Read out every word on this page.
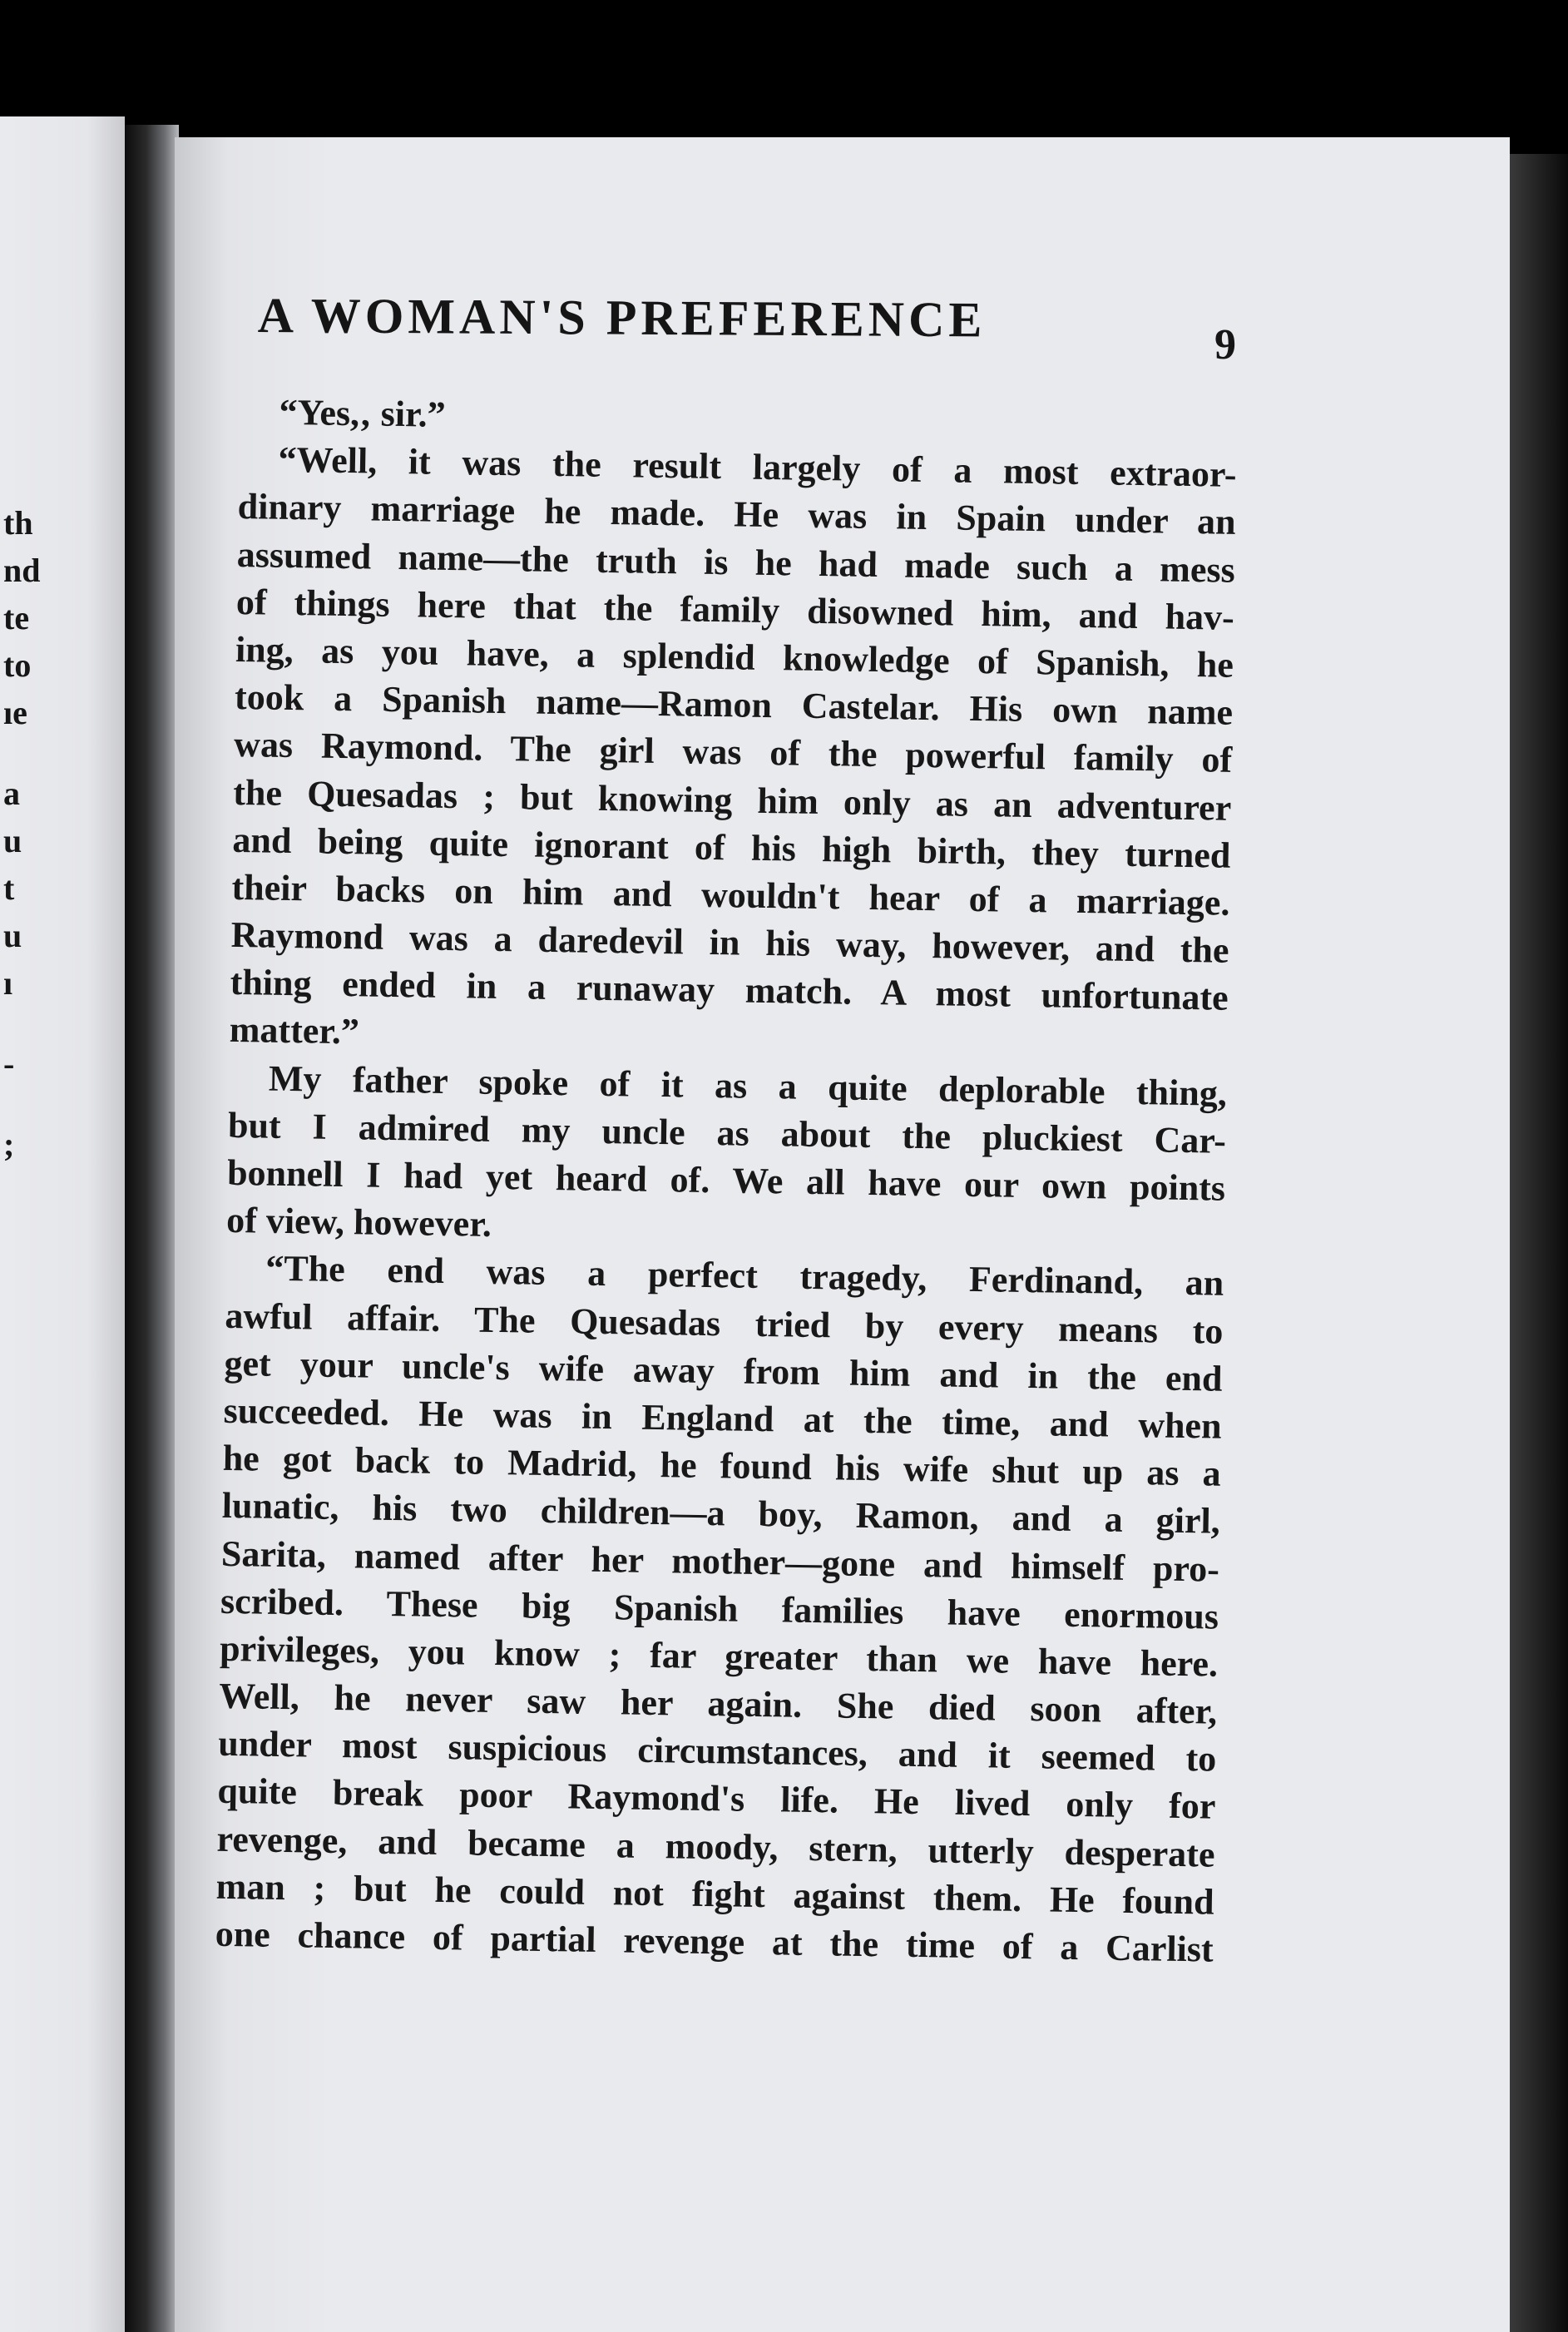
th

nd

te

to

ıe

a

u

t

u

ı

-

;

A WOMAN'S PREFERENCE	9

“Yes,‚ sir.”
“Well, it was the result largely of a most extraor-
dinary marriage he made. He was in Spain under an
assumed name—the truth is he had made such a mess
of things here that the family disowned him, and hav-
ing, as you have, a splendid knowledge of Spanish, he
took a Spanish name—Ramon Castelar. His own name
was Raymond. The girl was of the powerful family of
the Quesadas ; but knowing him only as an adventurer
and being quite ignorant of his high birth, they turned
their backs on him and wouldn't hear of a marriage.
Raymond was a daredevil in his way, however, and the
thing ended in a runaway match. A most unfortunate
matter.”
My father spoke of it as a quite deplorable thing,
but I admired my uncle as about the pluckiest Car-
bonnell I had yet heard of. We all have our own points
of view, however.
“The end was a perfect tragedy, Ferdinand, an
awful affair. The Quesadas tried by every means to
get your uncle's wife away from him and in the end
succeeded. He was in England at the time, and when
he got back to Madrid, he found his wife shut up as a
lunatic, his two children—a boy, Ramon, and a girl,
Sarita, named after her mother—gone and himself pro-
scribed. These big Spanish families have enormous
privileges, you know ; far greater than we have here.
Well, he never saw her again. She died soon after,
under most suspicious circumstances, and it seemed to
quite break poor Raymond's life. He lived only for
revenge, and became a moody, stern, utterly desperate
man ; but he could not fight against them. He found
one chance of partial revenge at the time of a Carlist
